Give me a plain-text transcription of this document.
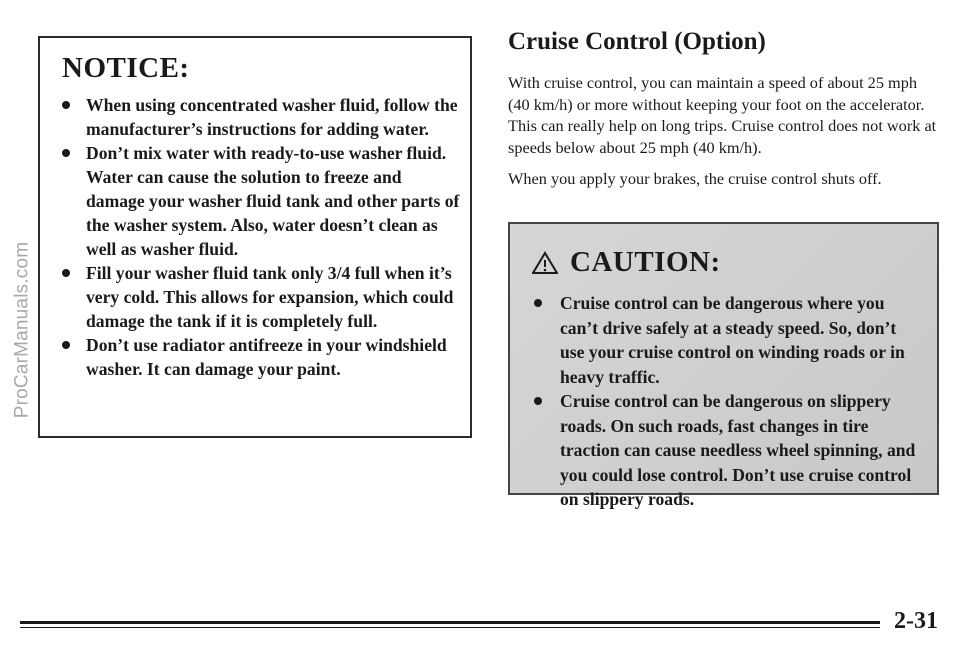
ProCarManuals.com
NOTICE:
When using concentrated washer fluid, follow the manufacturer’s instructions for adding water.
Don’t mix water with ready-to-use washer fluid. Water can cause the solution to freeze and damage your washer fluid tank and other parts of the washer system. Also, water doesn’t clean as well as washer fluid.
Fill your washer fluid tank only 3/4 full when it’s very cold. This allows for expansion, which could damage the tank if it is completely full.
Don’t use radiator antifreeze in your windshield washer. It can damage your paint.
Cruise Control (Option)

With cruise control, you can maintain a speed of about 25 mph (40 km/h) or more without keeping your foot on the accelerator. This can really help on long trips. Cruise control does not work at speeds below about 25 mph (40 km/h).

When you apply your brakes, the cruise control shuts off.

CAUTION:
Cruise control can be dangerous where you can’t drive safely at a steady speed. So, don’t use your cruise control on winding roads or in heavy traffic.
Cruise control can be dangerous on slippery roads. On such roads, fast changes in tire traction can cause needless wheel spinning, and you could lose control. Don’t use cruise control on slippery roads.
2-31
